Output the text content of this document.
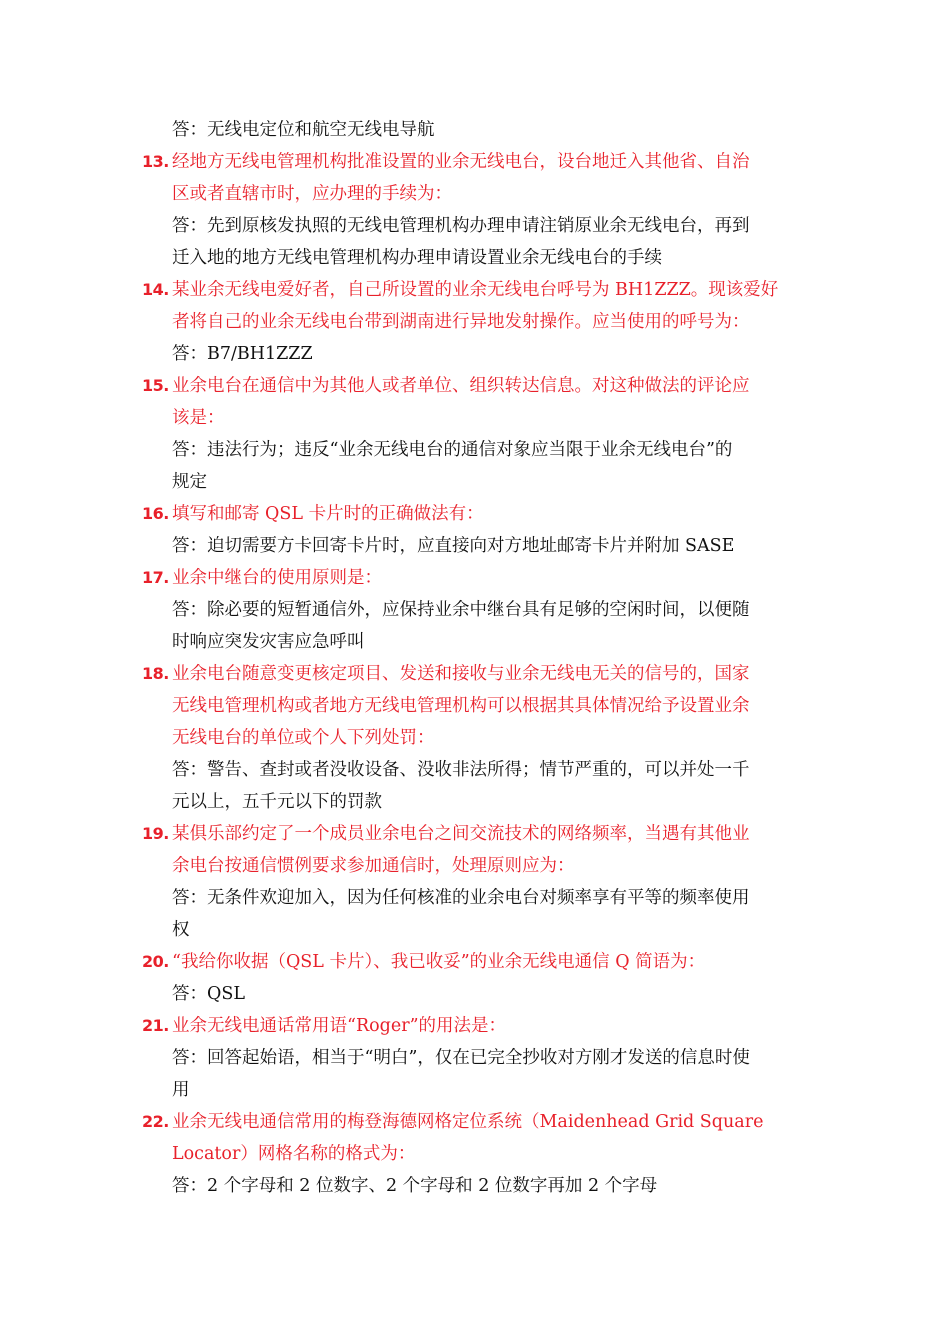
答：无线电定位和航空无线电导航
13. 经地方无线电管理机构批准设置的业余无线电台，设台地迁入其他省、自治
区或者直辖市时，应办理的手续为：
答：先到原核发执照的无线电管理机构办理申请注销原业余无线电台，再到
迁入地的地方无线电管理机构办理申请设置业余无线电台的手续
14. 某业余无线电爱好者，自己所设置的业余无线电台呼号为 BH1ZZZ。现该爱好
者将自己的业余无线电台带到湖南进行异地发射操作。应当使用的呼号为：
答：B7/BH1ZZZ
15. 业余电台在通信中为其他人或者单位、组织转达信息。对这种做法的评论应
该是：
答：违法行为；违反“业余无线电台的通信对象应当限于业余无线电台”的
规定
16. 填写和邮寄 QSL 卡片时的正确做法有：
答：迫切需要方卡回寄卡片时，应直接向对方地址邮寄卡片并附加 SASE
17. 业余中继台的使用原则是：
答：除必要的短暂通信外，应保持业余中继台具有足够的空闲时间，以便随
时响应突发灾害应急呼叫
18. 业余电台随意变更核定项目、发送和接收与业余无线电无关的信号的，国家
无线电管理机构或者地方无线电管理机构可以根据其具体情况给予设置业余
无线电台的单位或个人下列处罚：
答：警告、查封或者没收设备、没收非法所得；情节严重的，可以并处一千
元以上，五千元以下的罚款
19. 某俱乐部约定了一个成员业余电台之间交流技术的网络频率，当遇有其他业
余电台按通信惯例要求参加通信时，处理原则应为：
答：无条件欢迎加入，因为任何核准的业余电台对频率享有平等的频率使用
权
20. “我给你收据（QSL 卡片）、我已收妥”的业余无线电通信 Q 简语为：
答：QSL
21. 业余无线电通话常用语“Roger”的用法是：
答：回答起始语，相当于“明白”，仅在已完全抄收对方刚才发送的信息时使
用
22. 业余无线电通信常用的梅登海德网格定位系统（Maidenhead Grid Square
Locator）网格名称的格式为：
答：2 个字母和 2 位数字、2 个字母和 2 位数字再加 2 个字母
